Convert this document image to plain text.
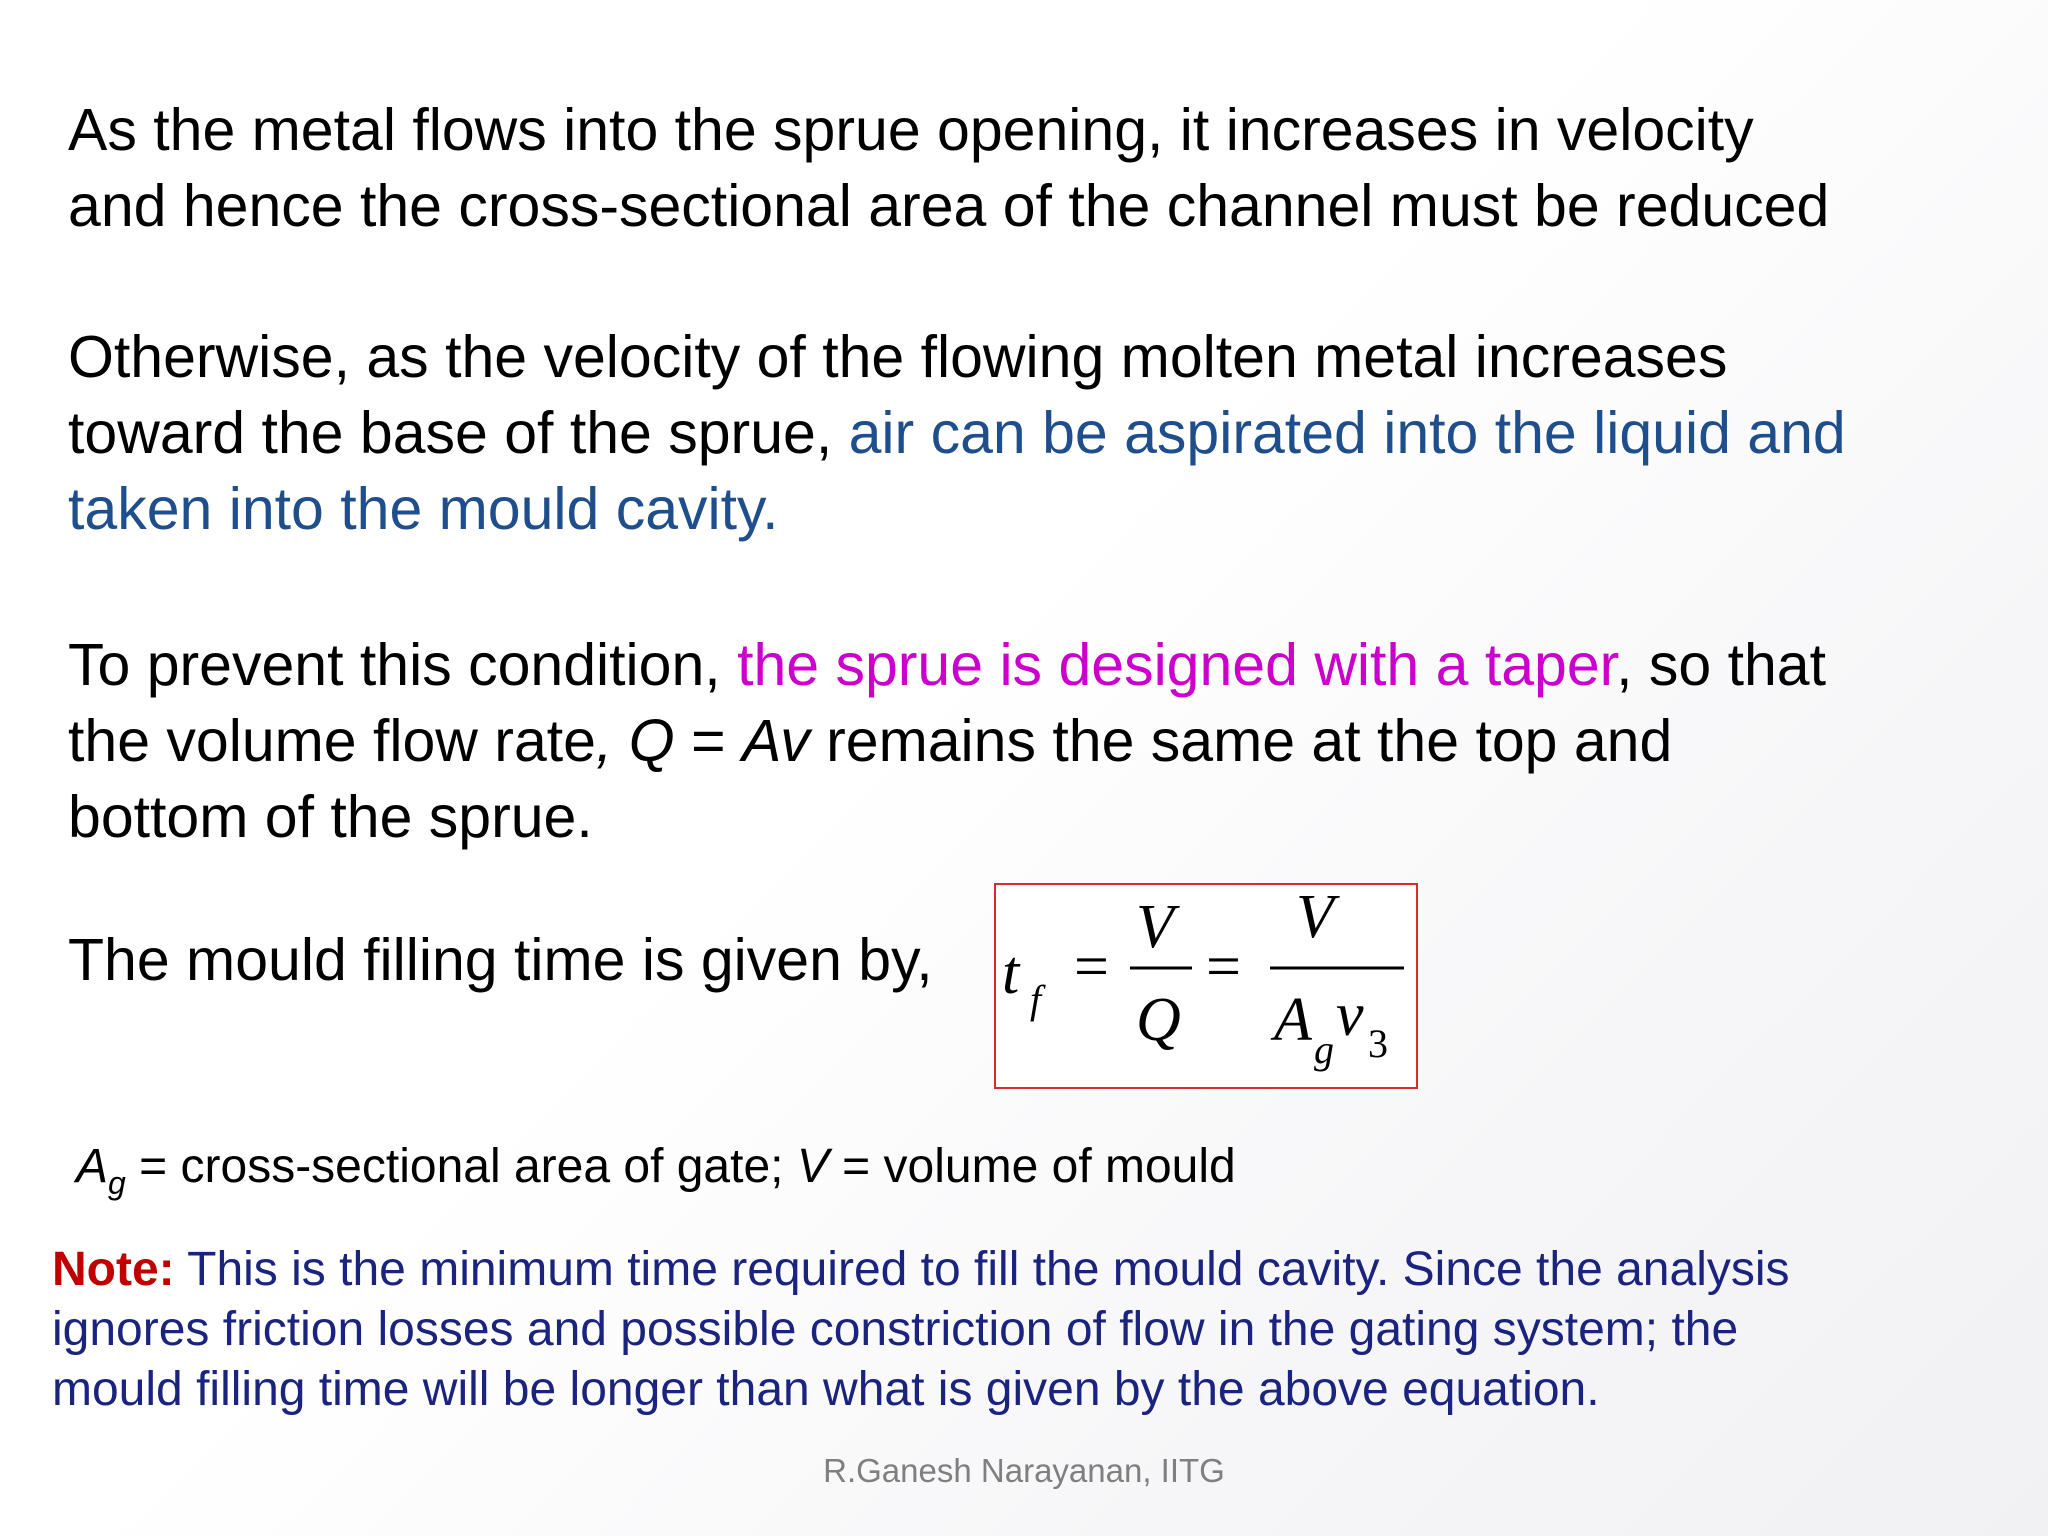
As the metal flows into the sprue opening, it increases in velocity
and hence the cross-sectional area of the channel must be reduced

Otherwise, as the velocity of the flowing molten metal increases
toward the base of the sprue, air can be aspirated into the liquid and
taken into the mould cavity.

To prevent this condition, the sprue is designed with a taper, so that
the volume flow rate, Q = Av remains the same at the top and
bottom of the sprue.

The mould filling time is given by, t f =
V
Q
=
V
A g
v 3

$A_g$ = cross-sectional area of gate; V = volume of mould

Note: This is the minimum time required to fill the mould cavity. Since the analysis
ignores friction losses and possible constriction of flow in the gating system; the
mould filling time will be longer than what is given by the above equation.

R.Ganesh Narayanan, IITG
